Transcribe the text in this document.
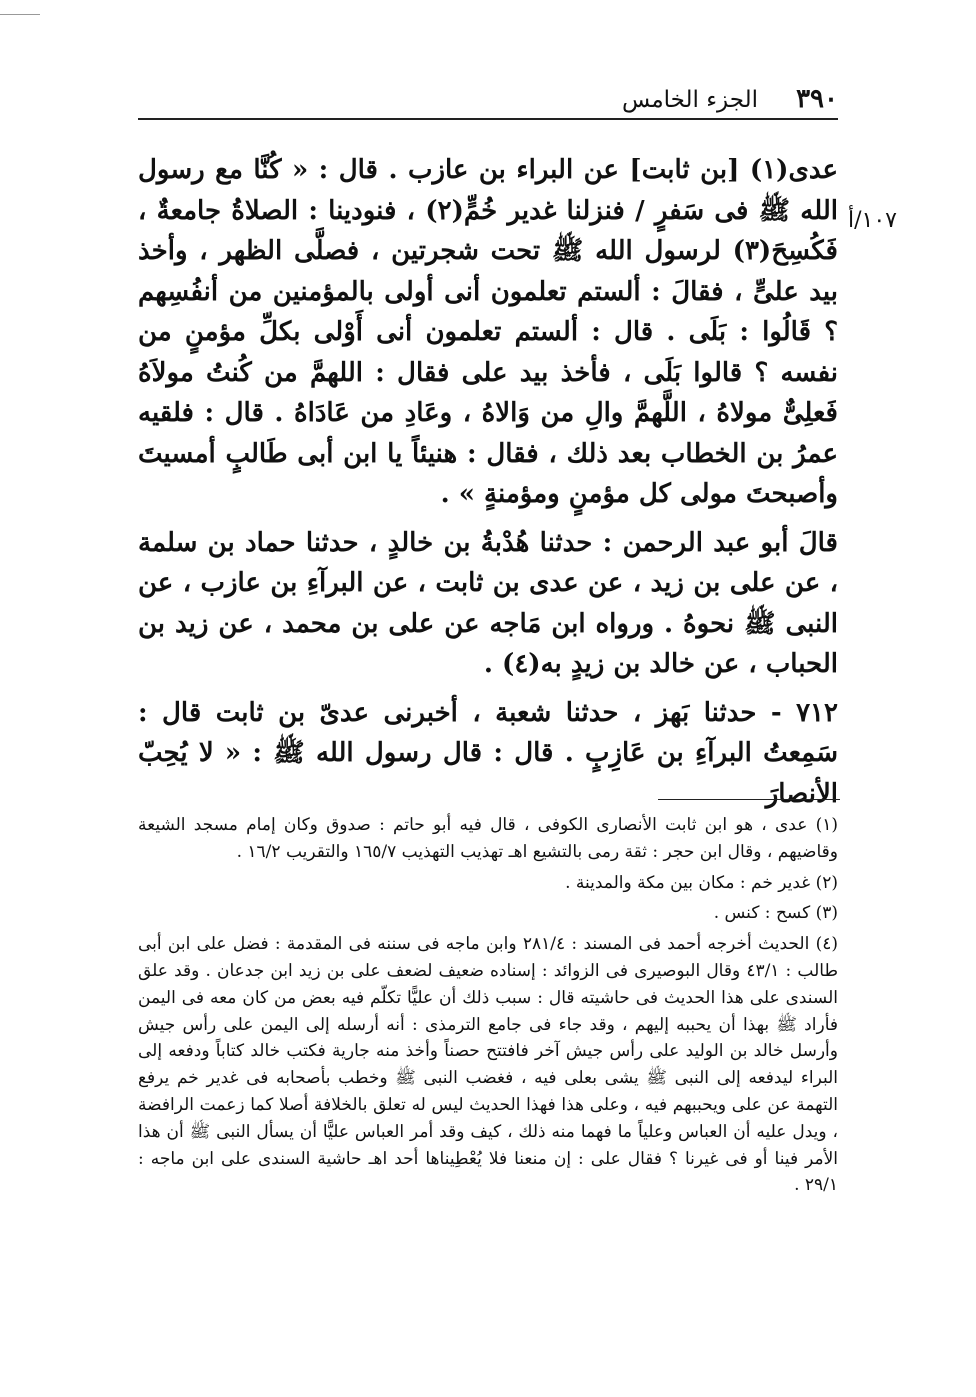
٣٩٠
الجزء الخامس
١٠٧/أ

عدى(١) [بن ثابت] عن البراء بن عازب . قال : « كُنَّا مع رسول الله ﷺ فى سَفرٍ / فنزلنا غدير خُمٍّ(٢) ، فنودينا : الصلاةُ جامعةٌ ، فَكُسِحَ(٣) لرسول الله ﷺ تحت شجرتين ، فصلَّى الظهر ، وأخذ بيد علىٍّ ، فقالَ : ألستم تعلمون أنى أولى بالمؤمنين من أنفُسِهم ؟ قَالُوا : بَلَى . قال : ألستم تعلمون أنى أَوْلى بكلِّ مؤمنٍ من نفسه ؟ قالوا بَلَى ، فأخذ بيد على فقال : اللهمَّ من كُنتُ مولاَهُ فَعلِىٌّ مولاهُ ، اللَّهمَّ والِ من وَالاهُ ، وعَادِ من عَادَاهُ . قال : فلقيه عمرُ بن الخطاب بعد ذلك ، فقال : هنيئاً يا ابن أبى طَالبٍ أمسيتَ وأصبحتَ مولى كل مؤمنٍ ومؤمنةٍ » .

قالَ أبو عبد الرحمن : حدثنا هُدْبةُ بن خالدٍ ، حدثنا حماد بن سلمة ، عن على بن زيد ، عن عدى بن ثابت ، عن البرآءِ بن عازب ، عن النبى ﷺ نحوهُ . ورواه ابن مَاجه عن على بن محمد ، عن زيد بن الحباب ، عن خالد بن زيدٍ به(٤) .

٧١٢ - حدثنا بَهز ، حدثنا شعبة ، أخبرنى عدىّ بن ثابت قال : سَمِعتُ البرآءِ بن عَازِبٍ . قال : قال رسول الله ﷺ : « لا يُحِبّ الأنصارَ

(١) عدى ، هو ابن ثابت الأنصارى الكوفى ، قال فيه أبو حاتم : صدوق وكان إمام مسجد الشيعة وقاضيهم ، وقال ابن حجر : ثقة رمى بالتشيع اهـ تهذيب التهذيب ١٦٥/٧ والتقريب ١٦/٢ .

(٢) غدير خم : مكان بين مكة والمدينة .

(٣) كسح : كنس .

(٤) الحديث أخرجه أحمد فى المسند : ٢٨١/٤ وابن ماجه فى سننه فى المقدمة : فضل على ابن أبى طالب : ٤٣/١ وقال البوصيرى فى الزوائد : إسناده ضعيف لضعف على بن زيد ابن جدعان . وقد علق السندى على هذا الحديث فى حاشيته قال : سبب ذلك أن عليًّا تكلّم فيه بعض من كان معه فى اليمن فأراد ﷺ بهذا أن يحببه إليهم ، وقد جاء فى جامع الترمذى : أنه أرسله إلى اليمن على رأس جيش وأرسل خالد بن الوليد على رأس جيش آخر فافتتح حصناً وأخذ منه جارية فكتب خالد كتاباً ودفعه إلى البراء ليدفعه إلى النبى ﷺ يشى بعلى فيه ، فغضب النبى ﷺ وخطب بأصحابه فى غدير خم يرفع التهمة عن على ويحببهم فيه ، وعلى هذا فهذا الحديث ليس له تعلق بالخلافة أصلا كما زعمت الرافضة ، ويدل عليه أن العباس وعلياً ما فهما منه ذلك ، كيف وقد أمر العباس عليًّا أن يسأل النبى ﷺ أن هذا الأمر فينا أو فى غيرنا ؟ فقال على : إن منعنا فلا يُعْطِيناها أحد اهـ حاشية السندى على ابن ماجه : ٢٩/١ .
